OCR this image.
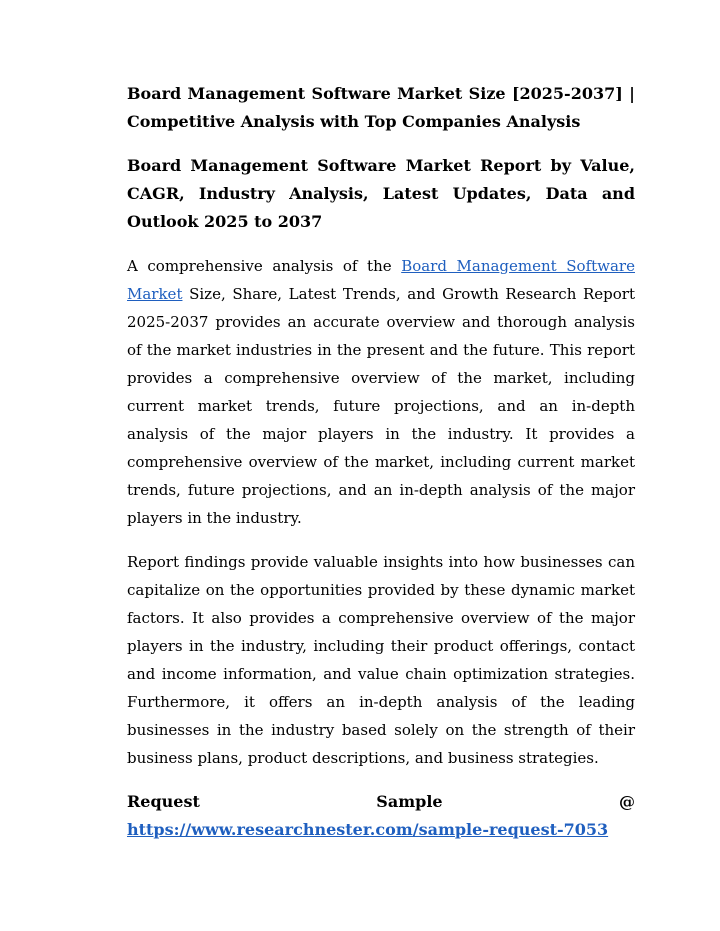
Board Management Software Market Size [2025-2037] | Competitive Analysis with Top Companies Analysis

Board Management Software Market Report by Value, CAGR, Industry Analysis, Latest Updates, Data and Outlook 2025 to 2037

A comprehensive analysis of the Board Management Software Market Size, Share, Latest Trends, and Growth Research Report 2025-2037 provides an accurate overview and thorough analysis of the market industries in the present and the future. This report provides a comprehensive overview of the market, including current market trends, future projections, and an in-depth analysis of the major players in the industry. It provides a comprehensive overview of the market, including current market trends, future projections, and an in-depth analysis of the major players in the industry.

Report findings provide valuable insights into how businesses can capitalize on the opportunities provided by these dynamic market factors. It also provides a comprehensive overview of the major players in the industry, including their product offerings, contact and income information, and value chain optimization strategies. Furthermore, it offers an in-depth analysis of the leading businesses in the industry based solely on the strength of their business plans, product descriptions, and business strategies.

Request	Sample	@
https://www.researchnester.com/sample-request-7053
